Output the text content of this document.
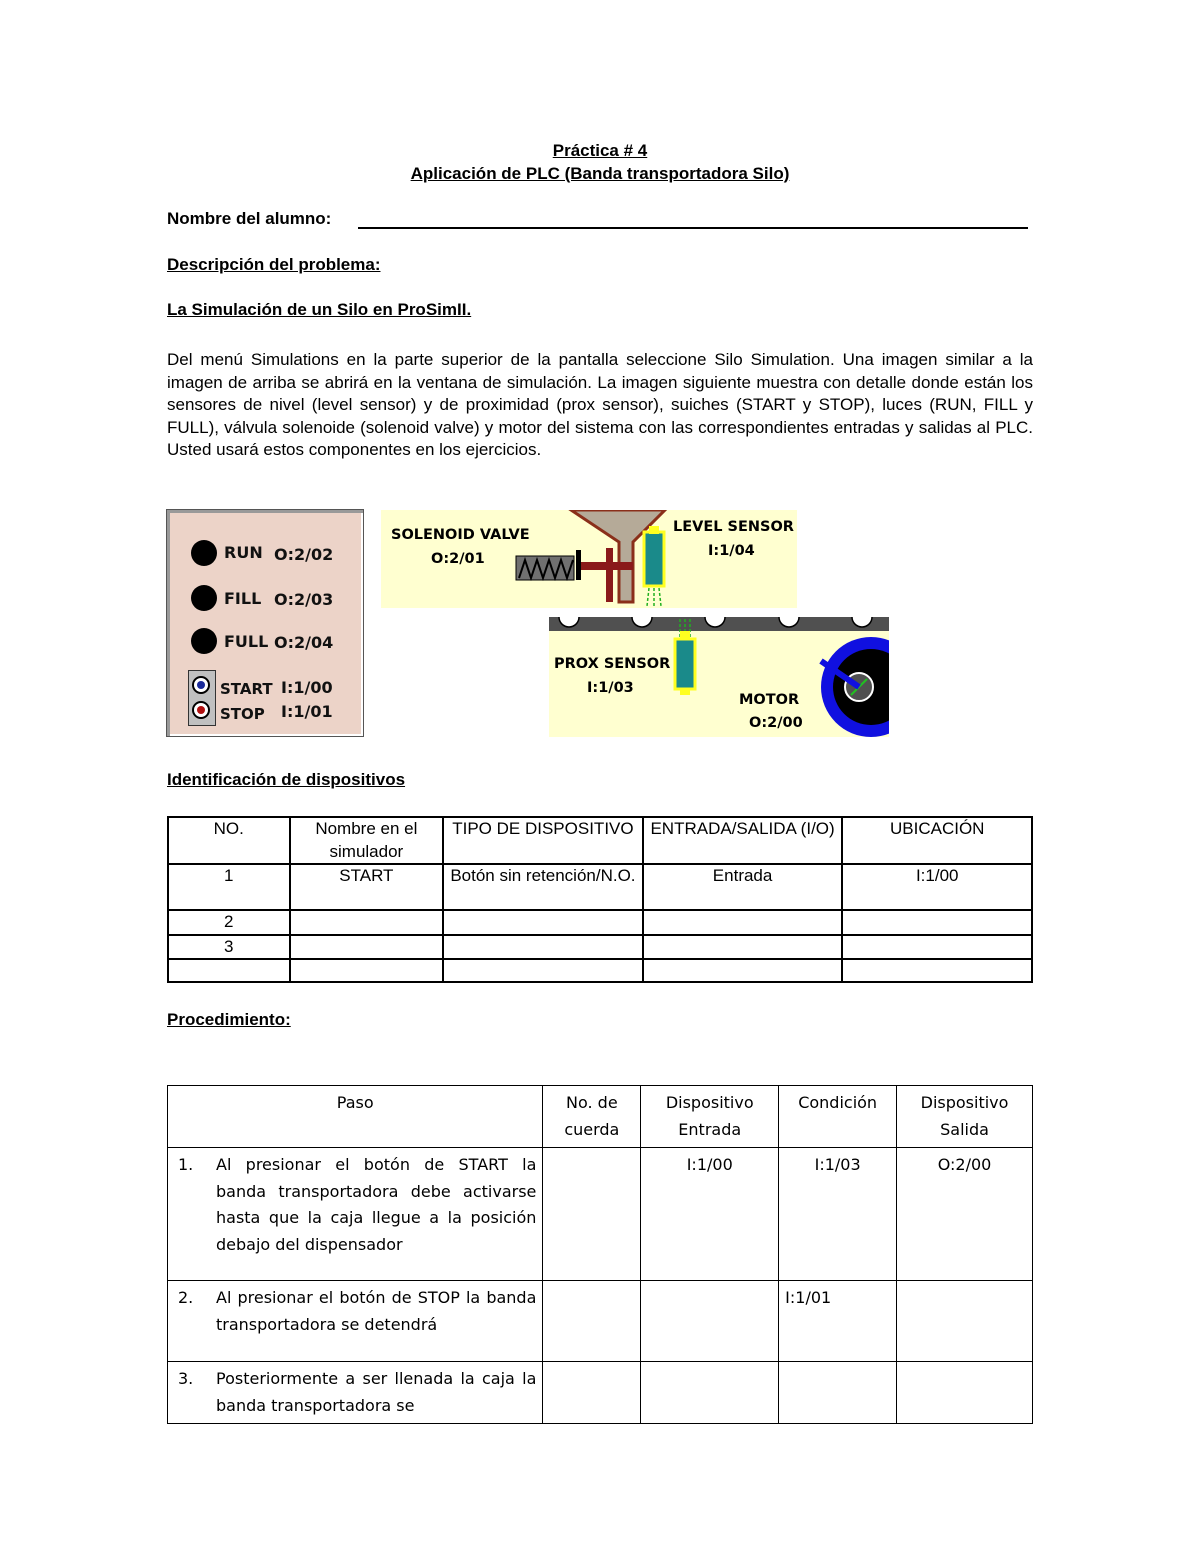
Práctica # 4
Aplicación de PLC (Banda transportadora Silo)
Nombre del alumno:
Descripción del problema:
La Simulación de un Silo en ProSimII.
Del menú Simulations en la parte superior de la pantalla seleccione Silo Simulation. Una imagen similar a la imagen de arriba se abrirá en la ventana de simulación. La imagen siguiente muestra con detalle donde están los sensores de nivel (level sensor) y de proximidad (prox sensor), suiches (START y STOP), luces (RUN, FILL y FULL), válvula solenoide (solenoid valve) y motor del sistema con las correspondientes entradas y salidas al PLC. Usted usará estos componentes en los ejercicios.
RUN O:2/02
FILL O:2/03
FULL O:2/04
START I:1/00
STOP I:1/01
SOLENOID VALVE
O:2/01
LEVEL SENSOR
I:1/04
PROX SENSOR
I:1/03
MOTOR
O:2/00
Identificación de dispositivos
NO.	Nombre en el simulador	TIPO DE DISPOSITIVO	ENTRADA/SALIDA (I/O)	UBICACIÓN
1	START	Botón sin retención/N.O.	Entrada	I:1/00
2				
3				

Procedimiento:
Paso	No. de cuerda	Dispositivo Entrada	Condición	Dispositivo Salida

1. Al presionar el botón de START la banda transportadora debe activarse hasta que la caja llegue a la posición debajo del dispensador		I:1/00	I:1/03	O:2/00

2. Al presionar el botón de STOP la banda transportadora se detendrá			I:1/01	

3. Posteriormente a ser llenada la caja la banda transportadora se				
